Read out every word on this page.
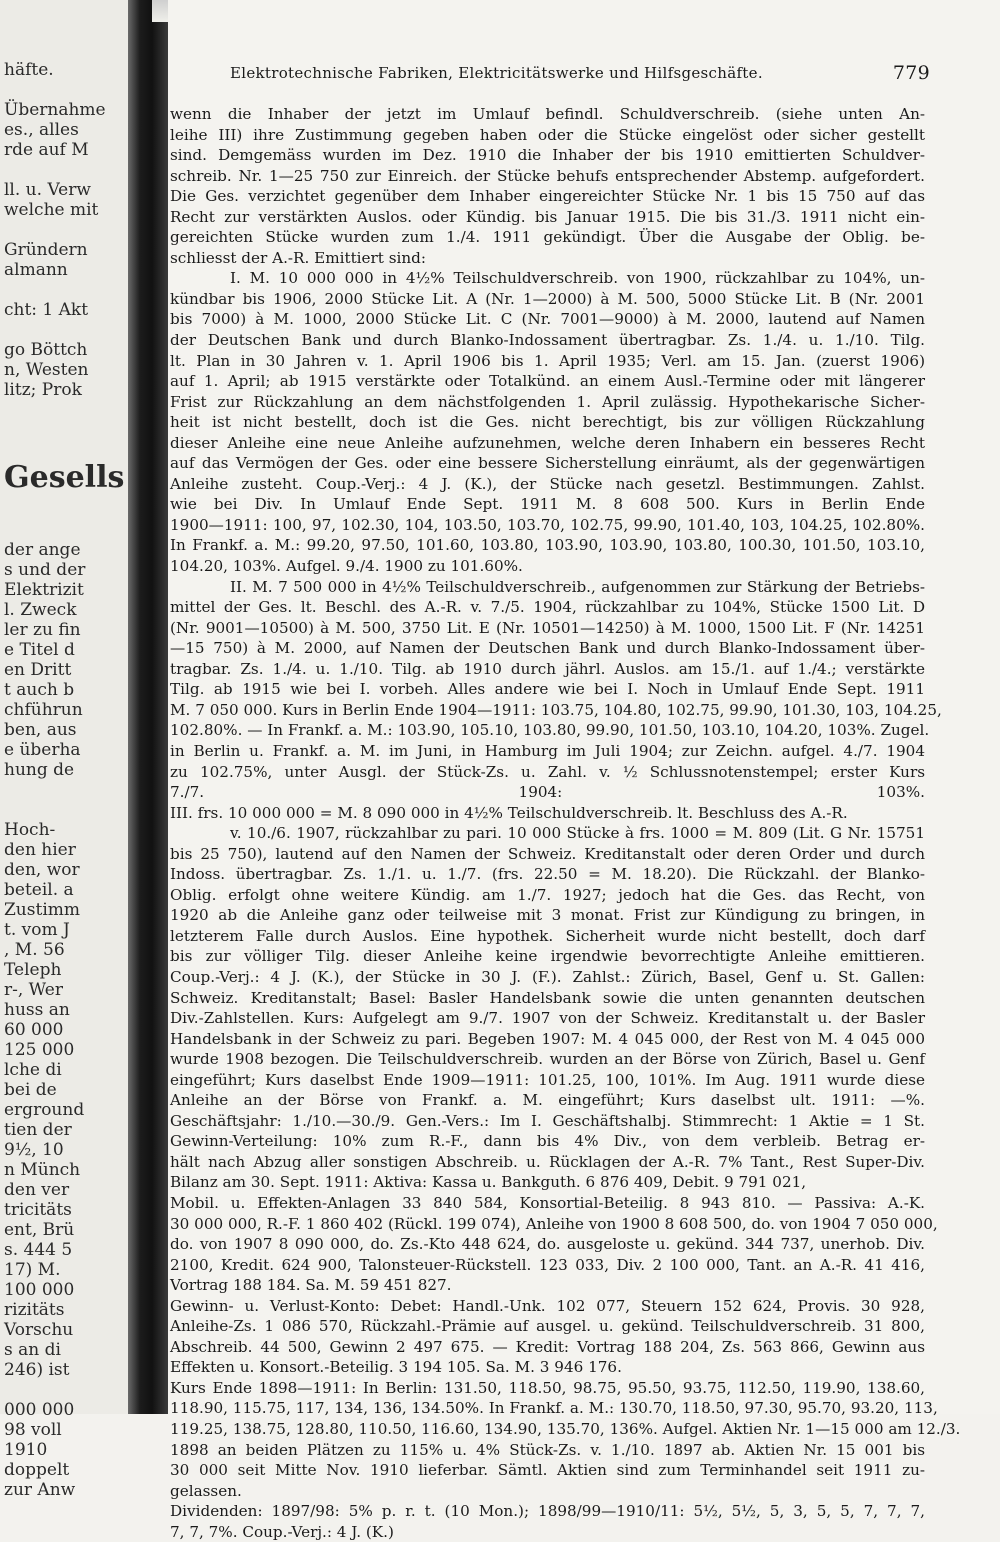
häfte.
Übernahme
es., alles
rde auf M
ll. u. Verw
welche mit
Gründern
almann
cht: 1 Akt
go Böttch
n, Westen
litz; Prok
Gesells
der ange
s und der
Elektrizit
l. Zweck
ler zu fin
e Titel d
en Dritt
t auch b
chführun
ben, aus
e überha
hung de
Hoch-
den hier
den, wor
beteil. a
Zustimm
t. vom J
, M. 56
Teleph
r-, Wer
huss an
60 000
125 000
lche di
bei de
erground
tien der
9½, 10
n Münch
den ver
tricitäts
ent, Brü
s. 444 5
17) M.
100 000
rizitäts
Vorschu
s an di
246) ist
000 000
98 voll
1910
doppelt
zur Anw
Elektrotechnische Fabriken, Elektricitätswerke und Hilfsgeschäfte.	779
wenn die Inhaber der jetzt im Umlauf befindl. Schuldverschreib. (siehe unten An-
leihe III) ihre Zustimmung gegeben haben oder die Stücke eingelöst oder sicher gestellt
sind. Demgemäss wurden im Dez. 1910 die Inhaber der bis 1910 emittierten Schuldver-
schreib. Nr. 1—25 750 zur Einreich. der Stücke behufs entsprechender Abstemp. aufgefordert.
Die Ges. verzichtet gegenüber dem Inhaber eingereichter Stücke Nr. 1 bis 15 750 auf das
Recht zur verstärkten Auslos. oder Kündig. bis Januar 1915. Die bis 31./3. 1911 nicht ein-
gereichten Stücke wurden zum 1./4. 1911 gekündigt. Über die Ausgabe der Oblig. be-
schliesst der A.-R. Emittiert sind:
I. M. 10 000 000 in 4½% Teilschuldverschreib. von 1900, rückzahlbar zu 104%, un-
kündbar bis 1906, 2000 Stücke Lit. A (Nr. 1—2000) à M. 500, 5000 Stücke Lit. B (Nr. 2001
bis 7000) à M. 1000, 2000 Stücke Lit. C (Nr. 7001—9000) à M. 2000, lautend auf Namen
der Deutschen Bank und durch Blanko-Indossament übertragbar. Zs. 1./4. u. 1./10. Tilg.
lt. Plan in 30 Jahren v. 1. April 1906 bis 1. April 1935; Verl. am 15. Jan. (zuerst 1906)
auf 1. April; ab 1915 verstärkte oder Totalkünd. an einem Ausl.-Termine oder mit längerer
Frist zur Rückzahlung an dem nächstfolgenden 1. April zulässig. Hypothekarische Sicher-
heit ist nicht bestellt, doch ist die Ges. nicht berechtigt, bis zur völligen Rückzahlung
dieser Anleihe eine neue Anleihe aufzunehmen, welche deren Inhabern ein besseres Recht
auf das Vermögen der Ges. oder eine bessere Sicherstellung einräumt, als der gegenwärtigen
Anleihe zusteht. Coup.-Verj.: 4 J. (K.), der Stücke nach gesetzl. Bestimmungen. Zahlst.
wie bei Div. In Umlauf Ende Sept. 1911 M. 8 608 500. Kurs in Berlin Ende
1900—1911: 100, 97, 102.30, 104, 103.50, 103.70, 102.75, 99.90, 101.40, 103, 104.25, 102.80%.
In Frankf. a. M.: 99.20, 97.50, 101.60, 103.80, 103.90, 103.90, 103.80, 100.30, 101.50, 103.10,
104.20, 103%. Aufgel. 9./4. 1900 zu 101.60%.
II. M. 7 500 000 in 4½% Teilschuldverschreib., aufgenommen zur Stärkung der Betriebs-
mittel der Ges. lt. Beschl. des A.-R. v. 7./5. 1904, rückzahlbar zu 104%, Stücke 1500 Lit. D
(Nr. 9001—10500) à M. 500, 3750 Lit. E (Nr. 10501—14250) à M. 1000, 1500 Lit. F (Nr. 14251
—15 750) à M. 2000, auf Namen der Deutschen Bank und durch Blanko-Indossament über-
tragbar. Zs. 1./4. u. 1./10. Tilg. ab 1910 durch jährl. Auslos. am 15./1. auf 1./4.; verstärkte
Tilg. ab 1915 wie bei I. vorbeh. Alles andere wie bei I. Noch in Umlauf Ende Sept. 1911
M. 7 050 000. Kurs in Berlin Ende 1904—1911: 103.75, 104.80, 102.75, 99.90, 101.30, 103, 104.25,
102.80%. — In Frankf. a. M.: 103.90, 105.10, 103.80, 99.90, 101.50, 103.10, 104.20, 103%. Zugel.
in Berlin u. Frankf. a. M. im Juni, in Hamburg im Juli 1904; zur Zeichn. aufgel. 4./7. 1904
zu 102.75%, unter Ausgl. der Stück-Zs. u. Zahl. v. ½ Schlussnotenstempel; erster Kurs
7./7. 1904: 103%.
III. frs. 10 000 000 = M. 8 090 000 in 4½% Teilschuldverschreib. lt. Beschluss des A.-R.
v. 10./6. 1907, rückzahlbar zu pari. 10 000 Stücke à frs. 1000 = M. 809 (Lit. G Nr. 15751
bis 25 750), lautend auf den Namen der Schweiz. Kreditanstalt oder deren Order und durch
Indoss. übertragbar. Zs. 1./1. u. 1./7. (frs. 22.50 = M. 18.20). Die Rückzahl. der Blanko-
Oblig. erfolgt ohne weitere Kündig. am 1./7. 1927; jedoch hat die Ges. das Recht, von
1920 ab die Anleihe ganz oder teilweise mit 3 monat. Frist zur Kündigung zu bringen, in
letzterem Falle durch Auslos. Eine hypothek. Sicherheit wurde nicht bestellt, doch darf
bis zur völliger Tilg. dieser Anleihe keine irgendwie bevorrechtigte Anleihe emittieren.
Coup.-Verj.: 4 J. (K.), der Stücke in 30 J. (F.). Zahlst.: Zürich, Basel, Genf u. St. Gallen:
Schweiz. Kreditanstalt; Basel: Basler Handelsbank sowie die unten genannten deutschen
Div.-Zahlstellen. Kurs: Aufgelegt am 9./7. 1907 von der Schweiz. Kreditanstalt u. der Basler
Handelsbank in der Schweiz zu pari. Begeben 1907: M. 4 045 000, der Rest von M. 4 045 000
wurde 1908 bezogen. Die Teilschuldverschreib. wurden an der Börse von Zürich, Basel u. Genf
eingeführt; Kurs daselbst Ende 1909—1911: 101.25, 100, 101%. Im Aug. 1911 wurde diese
Anleihe an der Börse von Frankf. a. M. eingeführt; Kurs daselbst ult. 1911: —%.
Geschäftsjahr: 1./10.—30./9. Gen.-Vers.: Im I. Geschäftshalbj. Stimmrecht: 1 Aktie = 1 St.
Gewinn-Verteilung: 10% zum R.-F., dann bis 4% Div., von dem verbleib. Betrag er-
hält nach Abzug aller sonstigen Abschreib. u. Rücklagen der A.-R. 7% Tant., Rest Super-Div.
Bilanz am 30. Sept. 1911: Aktiva: Kassa u. Bankguth. 6 876 409, Debit. 9 791 021,
Mobil. u. Effekten-Anlagen 33 840 584, Konsortial-Beteilig. 8 943 810. — Passiva: A.-K.
30 000 000, R.-F. 1 860 402 (Rückl. 199 074), Anleihe von 1900 8 608 500, do. von 1904 7 050 000,
do. von 1907 8 090 000, do. Zs.-Kto 448 624, do. ausgeloste u. gekünd. 344 737, unerhob. Div.
2100, Kredit. 624 900, Talonsteuer-Rückstell. 123 033, Div. 2 100 000, Tant. an A.-R. 41 416,
Vortrag 188 184. Sa. M. 59 451 827.
Gewinn- u. Verlust-Konto: Debet: Handl.-Unk. 102 077, Steuern 152 624, Provis. 30 928,
Anleihe-Zs. 1 086 570, Rückzahl.-Prämie auf ausgel. u. gekünd. Teilschuldverschreib. 31 800,
Abschreib. 44 500, Gewinn 2 497 675. — Kredit: Vortrag 188 204, Zs. 563 866, Gewinn aus
Effekten u. Konsort.-Beteilig. 3 194 105. Sa. M. 3 946 176.
Kurs Ende 1898—1911: In Berlin: 131.50, 118.50, 98.75, 95.50, 93.75, 112.50, 119.90, 138.60,
118.90, 115.75, 117, 134, 136, 134.50%. In Frankf. a. M.: 130.70, 118.50, 97.30, 95.70, 93.20, 113,
119.25, 138.75, 128.80, 110.50, 116.60, 134.90, 135.70, 136%. Aufgel. Aktien Nr. 1—15 000 am 12./3.
1898 an beiden Plätzen zu 115% u. 4% Stück-Zs. v. 1./10. 1897 ab. Aktien Nr. 15 001 bis
30 000 seit Mitte Nov. 1910 lieferbar. Sämtl. Aktien sind zum Terminhandel seit 1911 zu-
gelassen.
Dividenden: 1897/98: 5% p. r. t. (10 Mon.); 1898/99—1910/11: 5½, 5½, 5, 3, 5, 5, 7, 7, 7,
7, 7, 7%. Coup.-Verj.: 4 J. (K.)
